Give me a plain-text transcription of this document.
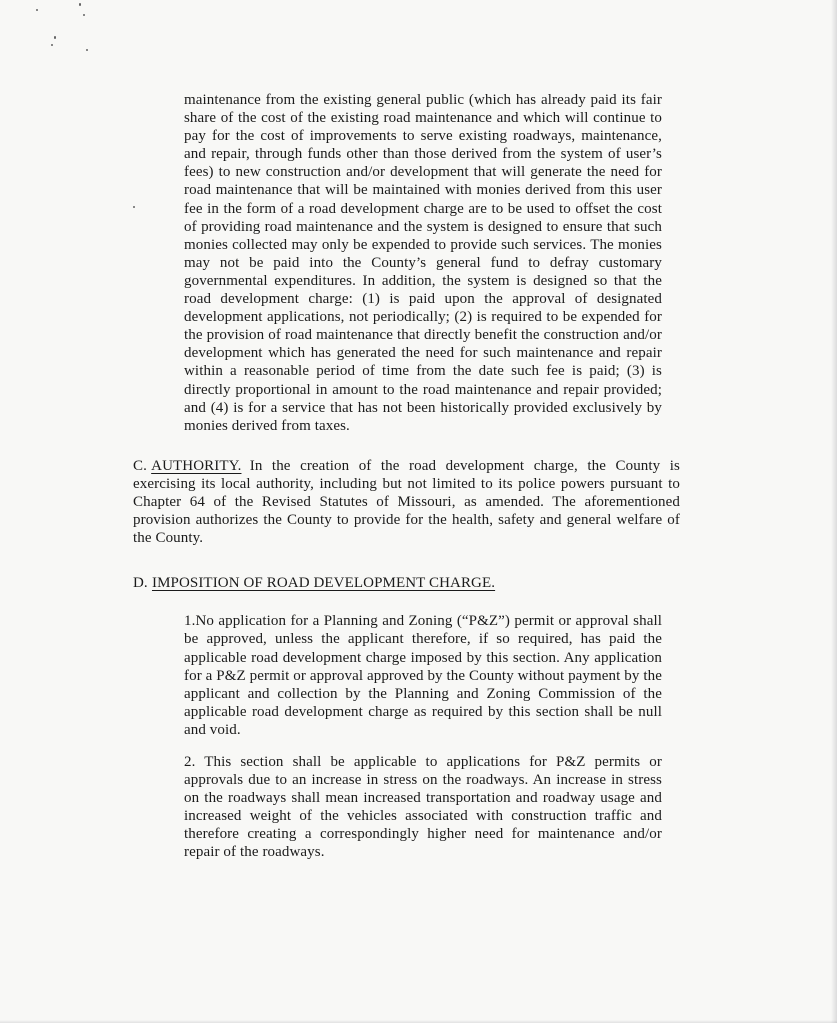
maintenance from the existing general public (which has already paid its fair share of the cost of the existing road maintenance and which will continue to pay for the cost of improvements to serve existing roadways, maintenance, and repair, through funds other than those derived from the system of user’s fees) to new construction and/or development that will generate the need for road maintenance that will be maintained with monies derived from this user fee in the form of a road development charge are to be used to offset the cost of providing road maintenance and the system is designed to ensure that such monies collected may only be expended to provide such services. The monies may not be paid into the County’s general fund to defray customary governmental expenditures. In addition, the system is designed so that the road development charge: (1) is paid upon the approval of designated development applications, not periodically; (2) is required to be expended for the provision of road maintenance that directly benefit the construction and/or development which has generated the need for such maintenance and repair within a reasonable period of time from the date such fee is paid; (3) is directly proportional in amount to the road maintenance and repair provided; and (4) is for a service that has not been historically provided exclusively by monies derived from taxes.

C. AUTHORITY. In the creation of the road development charge, the County is exercising its local authority, including but not limited to its police powers pursuant to Chapter 64 of the Revised Statutes of Missouri, as amended. The aforementioned provision authorizes the County to provide for the health, safety and general welfare of the County.

D. IMPOSITION OF ROAD DEVELOPMENT CHARGE.

1.No application for a Planning and Zoning (“P&Z”) permit or approval shall be approved, unless the applicant therefore, if so required, has paid the applicable road development charge imposed by this section. Any application for a P&Z permit or approval approved by the County without payment by the applicant and collection by the Planning and Zoning Commission of the applicable road development charge as required by this section shall be null and void.

2. This section shall be applicable to applications for P&Z permits or approvals due to an increase in stress on the roadways. An increase in stress on the roadways shall mean increased transportation and roadway usage and increased weight of the vehicles associated with construction traffic and therefore creating a correspondingly higher need for maintenance and/or repair of the roadways.
